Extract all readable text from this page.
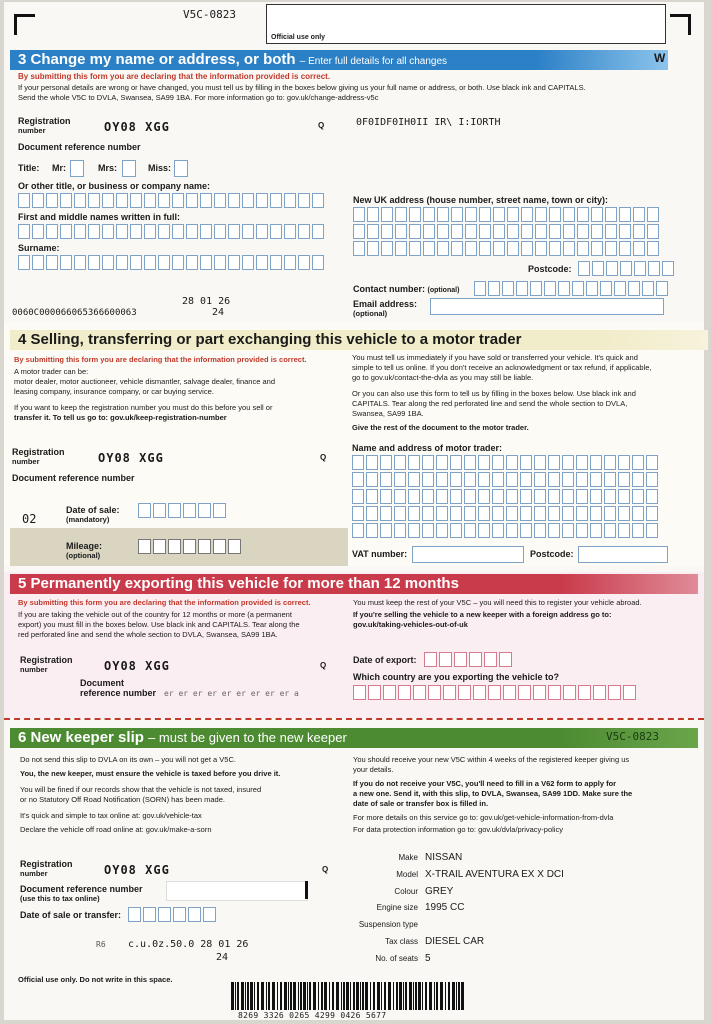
V5C-0823
Official use only
3 Change my name or address, or both – Enter full details for all changes	W
By submitting this form you are declaring that the information provided is correct.
If your personal details are wrong or have changed, you must tell us by filling in the boxes below giving us your full name or address, or both. Use black ink and CAPITALS.
Send the whole V5C to DVLA, Swansea, SA99 1BA. For more information go to: gov.uk/change-address-v5c
Registration
number	OY08 XGG	Q	0F0IDF0IH0II IR\ I:IORTH
Document reference number
Title: Mr:	Mrs:	Miss:
Or other title, or business or company name:
First and middle names written in full:
Surname:
New UK address (house number, street name, town or city):
Postcode:
Contact number: (optional)
Email address:
(optional)
28 01 26
0060C000066065366600063	24
4 Selling, transferring or part exchanging this vehicle to a motor trader
By submitting this form you are declaring that the information provided is correct.
A motor trader can be:
motor dealer, motor auctioneer, vehicle dismantler, salvage dealer, finance and
leasing company, insurance company, or car buying service.
If you want to keep the registration number you must do this before you sell or
transfer it. To tell us go to: gov.uk/keep-registration-number
You must tell us immediately if you have sold or transferred your vehicle. It's quick and
simple to tell us online. If you don't receive an acknowledgment or tax refund, if applicable,
go to gov.uk/contact-the-dvla as you may still be liable.
Or you can also use this form to tell us by filling in the boxes below. Use black ink and
CAPITALS. Tear along the red perforated line and send the whole section to DVLA,
Swansea, SA99 1BA.
Give the rest of the document to the motor trader.
Registration
number	OY08 XGG	Q
Document reference number
Name and address of motor trader:
Date of sale:
(mandatory)
02
Mileage:
(optional)	VAT number:	Postcode:
5 Permanently exporting this vehicle for more than 12 months
By submitting this form you are declaring that the information provided is correct.
If you are taking the vehicle out of the country for 12 months or more (a permanent
export) you must fill in the boxes below. Use black ink and CAPITALS. Tear along the
red perforated line and send the whole section to DVLA, Swansea, SA99 1BA.
You must keep the rest of your V5C – you will need this to register your vehicle abroad.
If you're selling the vehicle to a new keeper with a foreign address go to:
gov.uk/taking-vehicles-out-of-uk
Registration
number	OY08 XGG	Q
Document
reference number er er er er er er er er er a
Date of export:
Which country are you exporting the vehicle to?
6 New keeper slip – must be given to the new keeper	V5C-0823
Do not send this slip to DVLA on its own – you will not get a V5C.
You, the new keeper, must ensure the vehicle is taxed before you drive it.
You will be fined if our records show that the vehicle is not taxed, insured
or no Statutory Off Road Notification (SORN) has been made.
It's quick and simple to tax online at: gov.uk/vehicle-tax
Declare the vehicle off road online at: gov.uk/make-a-sorn
You should receive your new V5C within 4 weeks of the registered keeper giving us
your details.
If you do not receive your V5C, you'll need to fill in a V62 form to apply for
a new one. Send it, with this slip, to DVLA, Swansea, SA99 1DD. Make sure the
date of sale or transfer box is filled in.
For more details on this service go to: gov.uk/get-vehicle-information-from-dvla
For data protection information go to: gov.uk/dvla/privacy-policy
Registration
number	OY08 XGG	Q
Document reference number
(use this to tax online)
Date of sale or transfer:
R6 c.u.0z.50.0 28 01 26
24
Official use only. Do not write in this space.
Make NISSAN
Model X-TRAIL AVENTURA EX X DCI
Colour GREY
Engine size 1995 CC
Suspension type
Tax class DIESEL CAR
No. of seats 5
8269 3326 0265 4299 0426 5677
